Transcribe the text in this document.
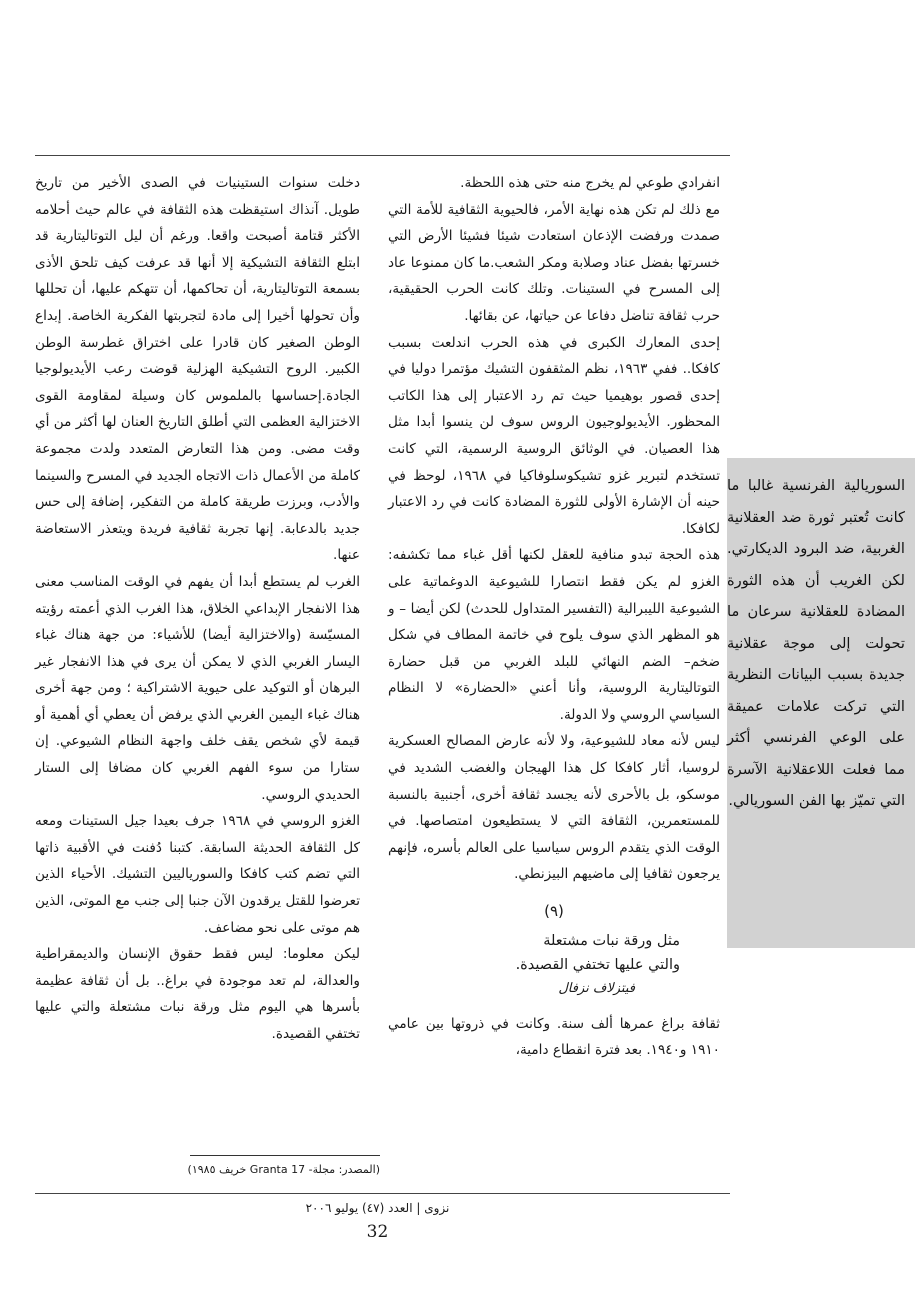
انفرادي طوعي لم يخرج منه حتى هذه اللحظة.

مع ذلك لم تكن هذه نهاية الأمر، فالحيوية الثقافية للأمة التي صمدت ورفضت الإذعان استعادت شيئا فشيئا الأرض التي خسرتها بفضل عناد وصلابة ومكر الشعب.ما كان ممنوعا عاد إلى المسرح في الستينات. وتلك كانت الحرب الحقيقية، حرب ثقافة تناضل دفاعا عن حياتها، عن بقائها.

إحدى المعارك الكبرى في هذه الحرب اندلعت بسبب كافكا.. ففي ١٩٦٣، نظم المثقفون التشيك مؤتمرا دوليا في إحدى قصور بوهيميا حيث تم رد الاعتبار إلى هذا الكاتب المحظور. الأيديولوجيون الروس سوف لن ينسوا أبدا مثل هذا العصيان. في الوثائق الروسية الرسمية، التي كانت تستخدم لتبرير غزو تشيكوسلوفاكيا في ١٩٦٨، لوحظ في حينه أن الإشارة الأولى للثورة المضادة كانت في رد الاعتبار لكافكا.

هذه الحجة تبدو منافية للعقل لكنها أقل غباء مما تكشفه: الغزو لم يكن فقط انتصارا للشيوعية الدوغماتية على الشيوعية الليبرالية (التفسير المتداول للحدث) لكن أيضا – و هو المظهر الذي سوف يلوح في خاتمة المطاف في شكل ضخم– الضم النهائي للبلد الغربي من قبل حضارة التوتاليتارية الروسية، وأنا أعني «الحضارة» لا النظام السياسي الروسي ولا الدولة.

ليس لأنه معاد للشيوعية، ولا لأنه عارض المصالح العسكرية لروسيا، أثار كافكا كل هذا الهيجان والغضب الشديد في موسكو، بل بالأحرى لأنه يجسد ثقافة أخرى، أجنبية بالنسبة للمستعمرين، الثقافة التي لا يستطيعون امتصاصها. في الوقت الذي يتقدم الروس سياسيا على العالم بأسره، فإنهم يرجعون ثقافيا إلى ماضيهم البيزنطي.

(٩)
مثل ورقة نبات مشتعلة
والتي عليها تختفي القصيدة.
فيتزلاف نزفال

ثقافة براغ عمرها ألف سنة. وكانت في ذروتها بين عامي ١٩١٠ و١٩٤٠. بعد فترة انقطاع دامية،

دخلت سنوات الستينيات في الصدى الأخير من تاريخ طويل. آنذاك استيقظت هذه الثقافة في عالم حيث أحلامه الأكثر قتامة أصبحت واقعا. ورغم أن ليل التوتاليتارية قد ابتلع الثقافة التشيكية إلا أنها قد عرفت كيف تلحق الأذى بسمعة التوتاليتارية، أن تحاكمها، أن تتهكم عليها، أن تحللها وأن تحولها أخيرا إلى مادة لتجربتها الفكرية الخاصة. إبداع الوطن الصغير كان قادرا على اختراق غطرسة الوطن الكبير. الروح التشيكية الهزلية قوضت رعب الأيديولوجيا الجادة.إحساسها بالملموس كان وسيلة لمقاومة القوى الاختزالية العظمى التي أطلق التاريخ العنان لها أكثر من أي وقت مضى. ومن هذا التعارض المتعدد ولدت مجموعة كاملة من الأعمال ذات الاتجاه الجديد في المسرح والسينما والأدب، وبرزت طريقة كاملة من التفكير، إضافة إلى حس جديد بالدعابة. إنها تجربة ثقافية فريدة ويتعذر الاستعاضة عنها.

الغرب لم يستطع أبدا أن يفهم في الوقت المناسب معنى هذا الانفجار الإبداعي الخلاق، هذا الغرب الذي أعمته رؤيته المسيّسة (والاختزالية أيضا) للأشياء: من جهة هناك غباء اليسار الغربي الذي لا يمكن أن يرى في هذا الانفجار غير البرهان أو التوكيد على حيوية الاشتراكية ؛ ومن جهة أخرى هناك غباء اليمين الغربي الذي يرفض أن يعطي أي أهمية أو قيمة لأي شخص يقف خلف واجهة النظام الشيوعي. إن ستارا من سوء الفهم الغربي كان مضافا إلى الستار الحديدي الروسي.

الغزو الروسي في ١٩٦٨ جرف بعيدا جيل الستينات ومعه كل الثقافة الحديثة السابقة. كتبنا دُفنت في الأقبية ذاتها التي تضم كتب كافكا والسورياليين التشيك. الأحياء الذين تعرضوا للقتل يرقدون الآن جنبا إلى جنب مع الموتى، الذين هم موتى على نحو مضاعف.

ليكن معلوما: ليس فقط حقوق الإنسان والديمقراطية والعدالة، لم تعد موجودة في براغ.. بل أن ثقافة عظيمة بأسرها هي اليوم مثل ورقة نبات مشتعلة والتي عليها تختفي القصيدة.

السوريالية الفرنسية غالبا ما كانت تُعتبر ثورة ضد العقلانية الغربية، ضد البرود الديكارتي. لكن الغريب أن هذه الثورة المضادة للعقلانية سرعان ما تحولت إلى موجة عقلانية جديدة بسبب البيانات النظرية التي تركت علامات عميقة على الوعي الفرنسي أكثر مما فعلت اللاعقلانية الآسرة التي تميّز بها الفن السوريالي.
(المصدر: مجلة- Granta 17 خريف ١٩٨٥)
نزوى | العدد (٤٧) يوليو ٢٠٠٦
32
